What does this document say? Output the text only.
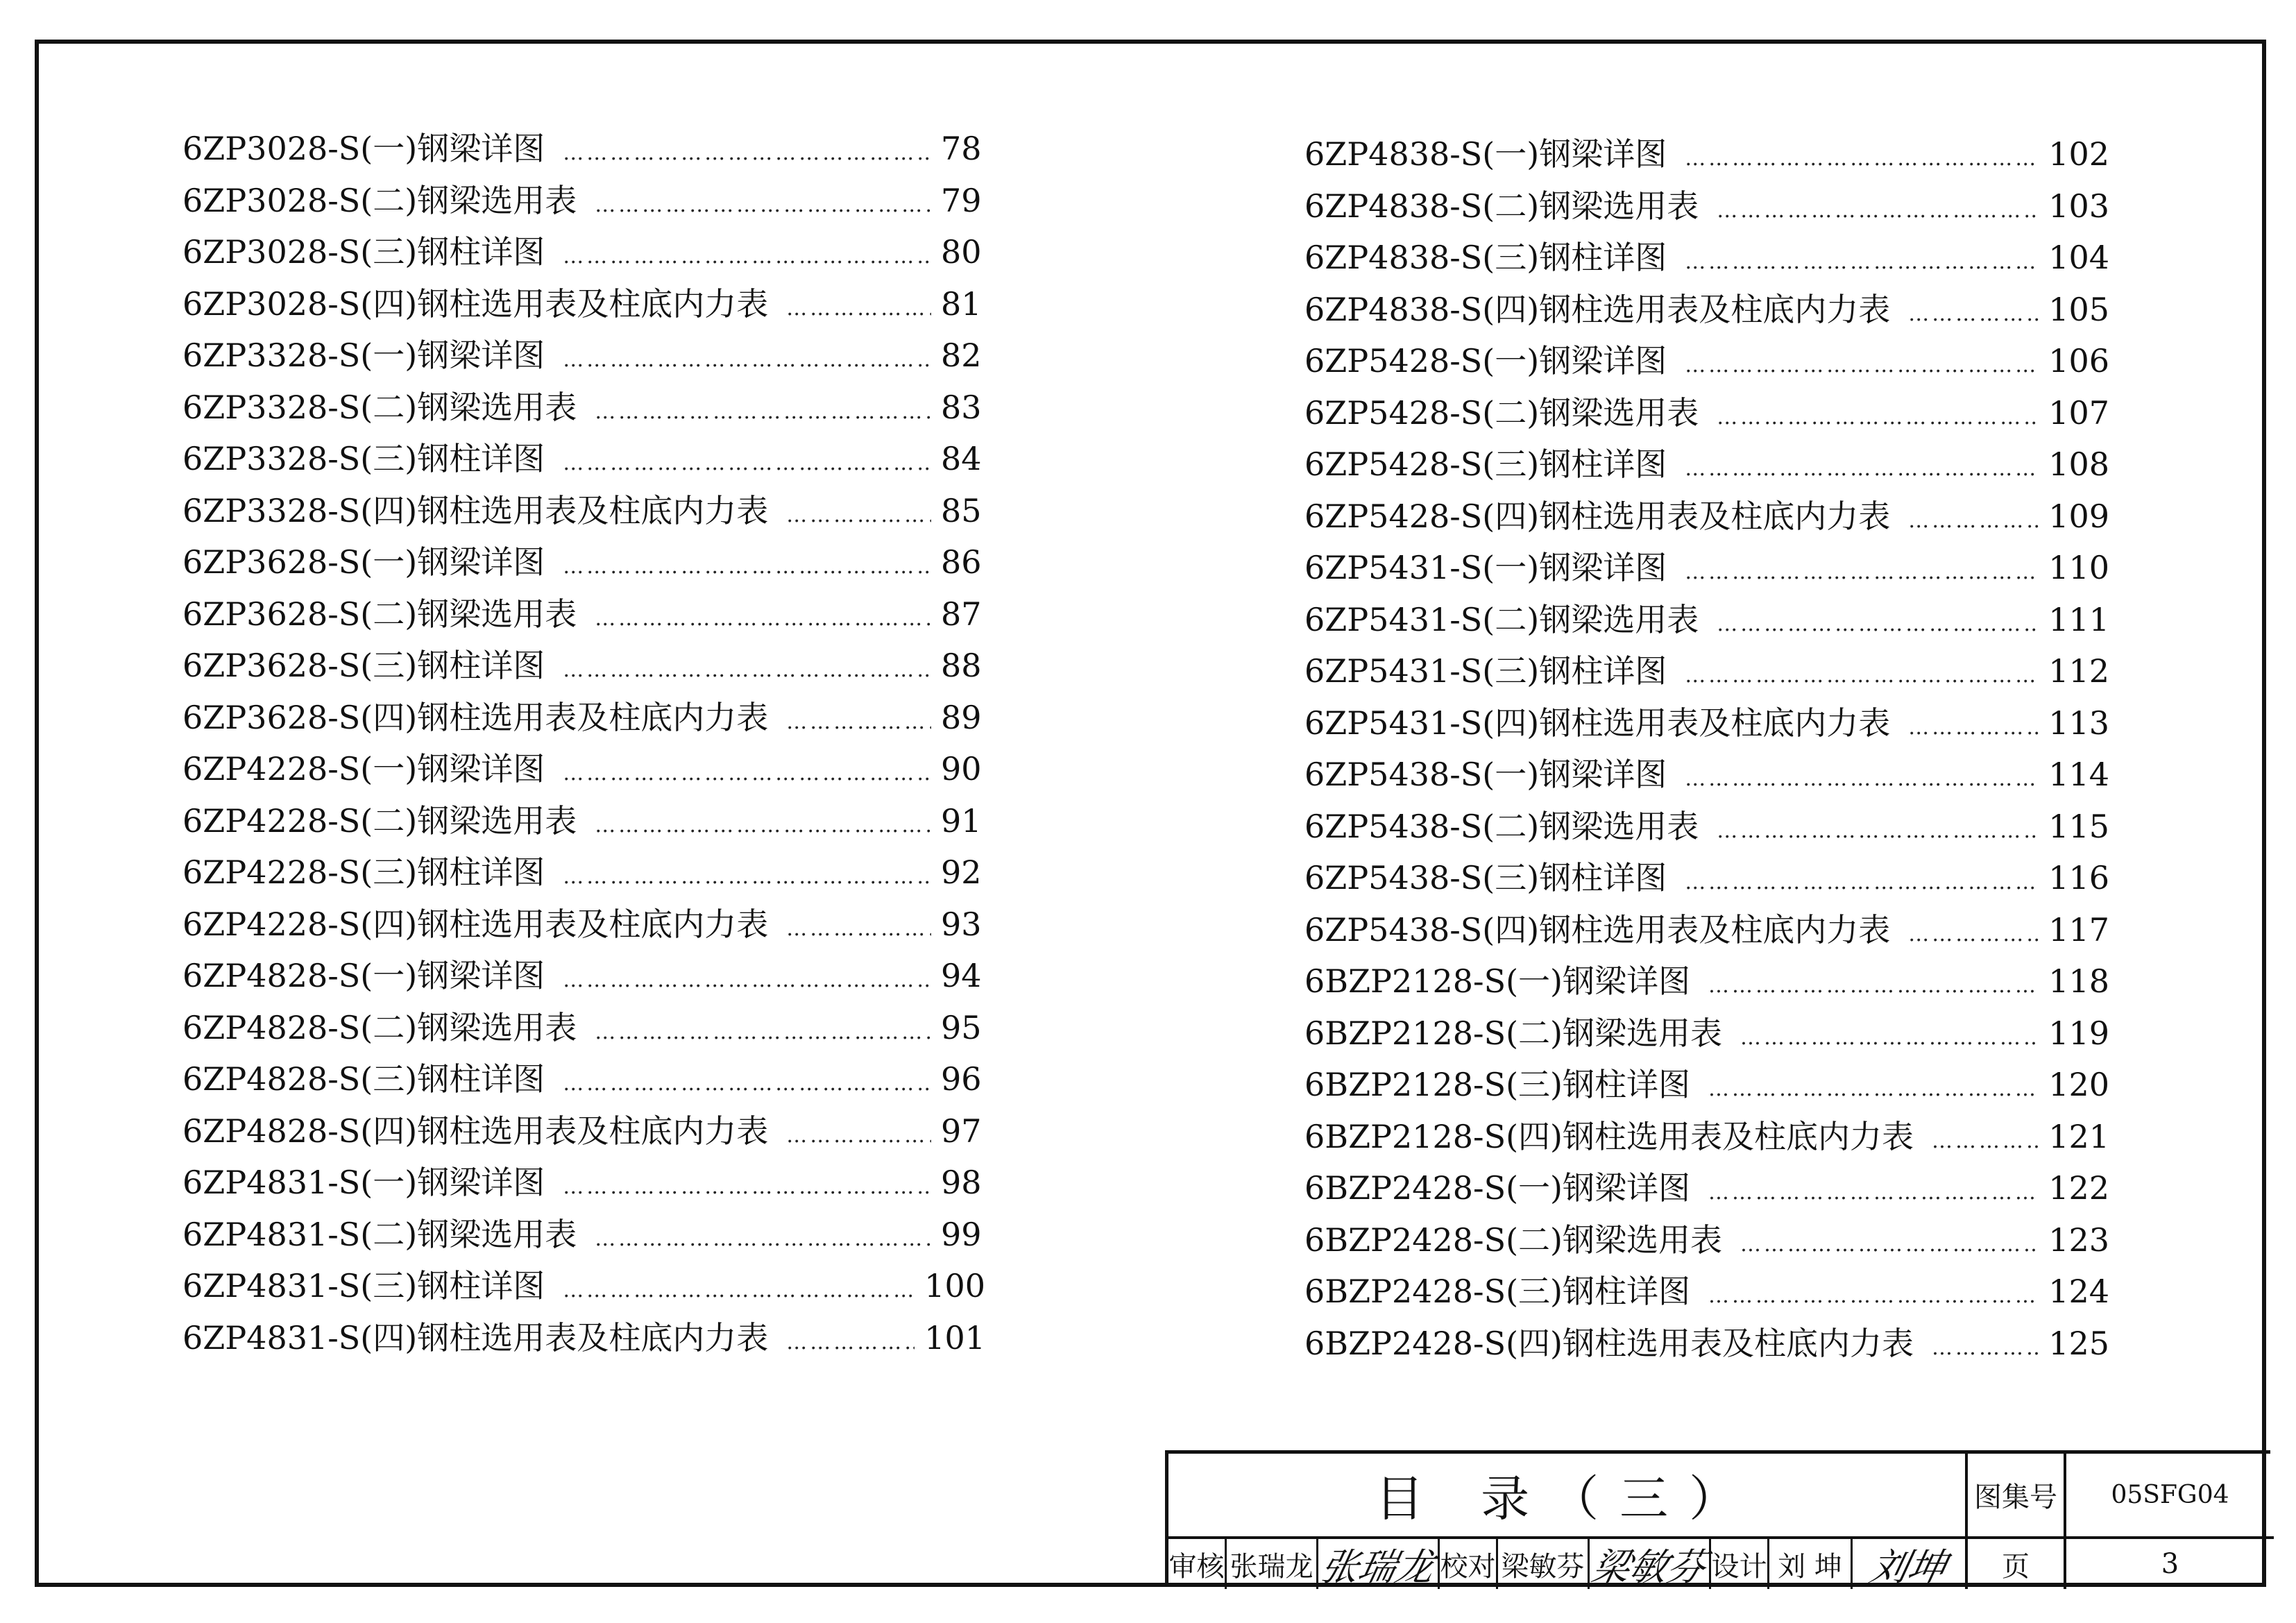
6ZP3028-S(一)钢梁详图 ……………………………………………………………………………………………………………………………………………………………………………………	78
6ZP3028-S(二)钢梁选用表 ……………………………………………………………………………………………………………………………………………………………………………………	79
6ZP3028-S(三)钢柱详图 ……………………………………………………………………………………………………………………………………………………………………………………	80
6ZP3028-S(四)钢柱选用表及柱底内力表 ……………………………………………………………………………………………………………………………………………………………………………………	81
6ZP3328-S(一)钢梁详图 ……………………………………………………………………………………………………………………………………………………………………………………	82
6ZP3328-S(二)钢梁选用表 ……………………………………………………………………………………………………………………………………………………………………………………	83
6ZP3328-S(三)钢柱详图 ……………………………………………………………………………………………………………………………………………………………………………………	84
6ZP3328-S(四)钢柱选用表及柱底内力表 ……………………………………………………………………………………………………………………………………………………………………………………	85
6ZP3628-S(一)钢梁详图 ……………………………………………………………………………………………………………………………………………………………………………………	86
6ZP3628-S(二)钢梁选用表 ……………………………………………………………………………………………………………………………………………………………………………………	87
6ZP3628-S(三)钢柱详图 ……………………………………………………………………………………………………………………………………………………………………………………	88
6ZP3628-S(四)钢柱选用表及柱底内力表 ……………………………………………………………………………………………………………………………………………………………………………………	89
6ZP4228-S(一)钢梁详图 ……………………………………………………………………………………………………………………………………………………………………………………	90
6ZP4228-S(二)钢梁选用表 ……………………………………………………………………………………………………………………………………………………………………………………	91
6ZP4228-S(三)钢柱详图 ……………………………………………………………………………………………………………………………………………………………………………………	92
6ZP4228-S(四)钢柱选用表及柱底内力表 ……………………………………………………………………………………………………………………………………………………………………………………	93
6ZP4828-S(一)钢梁详图 ……………………………………………………………………………………………………………………………………………………………………………………	94
6ZP4828-S(二)钢梁选用表 ……………………………………………………………………………………………………………………………………………………………………………………	95
6ZP4828-S(三)钢柱详图 ……………………………………………………………………………………………………………………………………………………………………………………	96
6ZP4828-S(四)钢柱选用表及柱底内力表 ……………………………………………………………………………………………………………………………………………………………………………………	97
6ZP4831-S(一)钢梁详图 ……………………………………………………………………………………………………………………………………………………………………………………	98
6ZP4831-S(二)钢梁选用表 ……………………………………………………………………………………………………………………………………………………………………………………	99
6ZP4831-S(三)钢柱详图 ……………………………………………………………………………………………………………………………………………………………………………………	100
6ZP4831-S(四)钢柱选用表及柱底内力表 ……………………………………………………………………………………………………………………………………………………………………………………	101
6ZP4838-S(一)钢梁详图 ……………………………………………………………………………………………………………………………………………………………………………………	102
6ZP4838-S(二)钢梁选用表 ……………………………………………………………………………………………………………………………………………………………………………………	103
6ZP4838-S(三)钢柱详图 ……………………………………………………………………………………………………………………………………………………………………………………	104
6ZP4838-S(四)钢柱选用表及柱底内力表 ……………………………………………………………………………………………………………………………………………………………………………………	105
6ZP5428-S(一)钢梁详图 ……………………………………………………………………………………………………………………………………………………………………………………	106
6ZP5428-S(二)钢梁选用表 ……………………………………………………………………………………………………………………………………………………………………………………	107
6ZP5428-S(三)钢柱详图 ……………………………………………………………………………………………………………………………………………………………………………………	108
6ZP5428-S(四)钢柱选用表及柱底内力表 ……………………………………………………………………………………………………………………………………………………………………………………	109
6ZP5431-S(一)钢梁详图 ……………………………………………………………………………………………………………………………………………………………………………………	110
6ZP5431-S(二)钢梁选用表 ……………………………………………………………………………………………………………………………………………………………………………………	111
6ZP5431-S(三)钢柱详图 ……………………………………………………………………………………………………………………………………………………………………………………	112
6ZP5431-S(四)钢柱选用表及柱底内力表 ……………………………………………………………………………………………………………………………………………………………………………………	113
6ZP5438-S(一)钢梁详图 ……………………………………………………………………………………………………………………………………………………………………………………	114
6ZP5438-S(二)钢梁选用表 ……………………………………………………………………………………………………………………………………………………………………………………	115
6ZP5438-S(三)钢柱详图 ……………………………………………………………………………………………………………………………………………………………………………………	116
6ZP5438-S(四)钢柱选用表及柱底内力表 ……………………………………………………………………………………………………………………………………………………………………………………	117
6BZP2128-S(一)钢梁详图 ……………………………………………………………………………………………………………………………………………………………………………………	118
6BZP2128-S(二)钢梁选用表 ……………………………………………………………………………………………………………………………………………………………………………………	119
6BZP2128-S(三)钢柱详图 ……………………………………………………………………………………………………………………………………………………………………………………	120
6BZP2128-S(四)钢柱选用表及柱底内力表 ……………………………………………………………………………………………………………………………………………………………………………………	121
6BZP2428-S(一)钢梁详图 ……………………………………………………………………………………………………………………………………………………………………………………	122
6BZP2428-S(二)钢梁选用表 ……………………………………………………………………………………………………………………………………………………………………………………	123
6BZP2428-S(三)钢柱详图 ……………………………………………………………………………………………………………………………………………………………………………………	124
6BZP2428-S(四)钢柱选用表及柱底内力表 ……………………………………………………………………………………………………………………………………………………………………………………	125
目 录（三）	图集号	05SFG04
审核 张瑞龙 张瑞龙 校对 梁敏芬 梁敏芬 设计 刘 坤 刘坤	页	3
